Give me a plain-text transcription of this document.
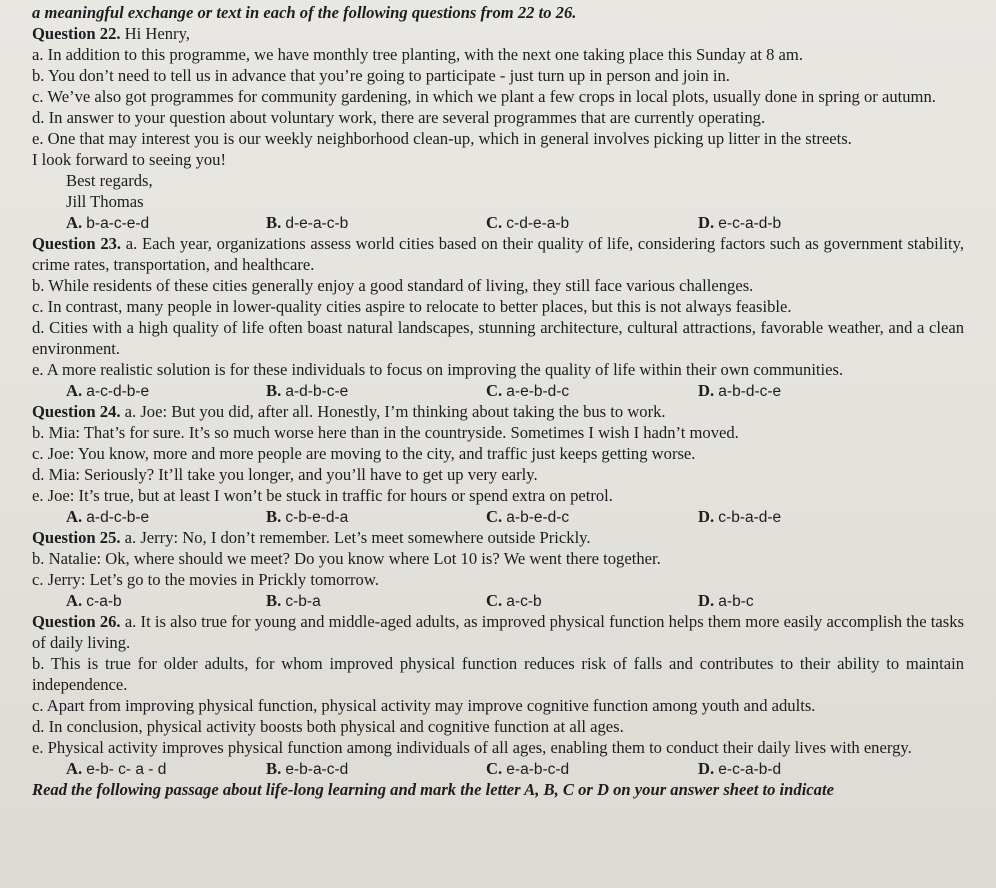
a meaningful exchange or text in each of the following questions from 22 to 26.

Question 22. Hi Henry,

a. In addition to this programme, we have monthly tree planting, with the next one taking place this Sunday at 8 am.

b. You don’t need to tell us in advance that you’re going to participate - just turn up in person and join in.

c. We’ve also got programmes for community gardening, in which we plant a few crops in local plots, usually done in spring or autumn.

d. In answer to your question about voluntary work, there are several programmes that are currently operating.

e. One that may interest you is our weekly neighborhood clean-up, which in general involves picking up litter in the streets.

I look forward to seeing you!

Best regards,

Jill Thomas

A. b-a-c-e-d	B. d-e-a-c-b	C. c-d-e-a-b	D. e-c-a-d-b

Question 23. a. Each year, organizations assess world cities based on their quality of life, considering factors such as government stability, crime rates, transportation, and healthcare.

b. While residents of these cities generally enjoy a good standard of living, they still face various challenges.

c. In contrast, many people in lower-quality cities aspire to relocate to better places, but this is not always feasible.

d. Cities with a high quality of life often boast natural landscapes, stunning architecture, cultural attractions, favorable weather, and a clean environment.

e. A more realistic solution is for these individuals to focus on improving the quality of life within their own communities.

A. a-c-d-b-e	B. a-d-b-c-e	C. a-e-b-d-c	D. a-b-d-c-e

Question 24. a. Joe: But you did, after all. Honestly, I’m thinking about taking the bus to work.

b. Mia: That’s for sure. It’s so much worse here than in the countryside. Sometimes I wish I hadn’t moved.

c. Joe: You know, more and more people are moving to the city, and traffic just keeps getting worse.

d. Mia: Seriously? It’ll take you longer, and you’ll have to get up very early.

e. Joe: It’s true, but at least I won’t be stuck in traffic for hours or spend extra on petrol.

A. a-d-c-b-e	B. c-b-e-d-a	C. a-b-e-d-c	D. c-b-a-d-e

Question 25. a. Jerry: No, I don’t remember. Let’s meet somewhere outside Prickly.

b. Natalie: Ok, where should we meet? Do you know where Lot 10 is? We went there together.

c. Jerry: Let’s go to the movies in Prickly tomorrow.

A. c-a-b	B. c-b-a	C. a-c-b	D. a-b-c

Question 26. a. It is also true for young and middle-aged adults, as improved physical function helps them more easily accomplish the tasks of daily living.

b. This is true for older adults, for whom improved physical function reduces risk of falls and contributes to their ability to maintain independence.

c. Apart from improving physical function, physical activity may improve cognitive function among youth and adults.

d. In conclusion, physical activity boosts both physical and cognitive function at all ages.

e. Physical activity improves physical function among individuals of all ages, enabling them to conduct their daily lives with energy.

A. e-b- c- a - d	B. e-b-a-c-d	C. e-a-b-c-d	D. e-c-a-b-d

Read the following passage about life-long learning and mark the letter A, B, C or D on your answer sheet to indicate
